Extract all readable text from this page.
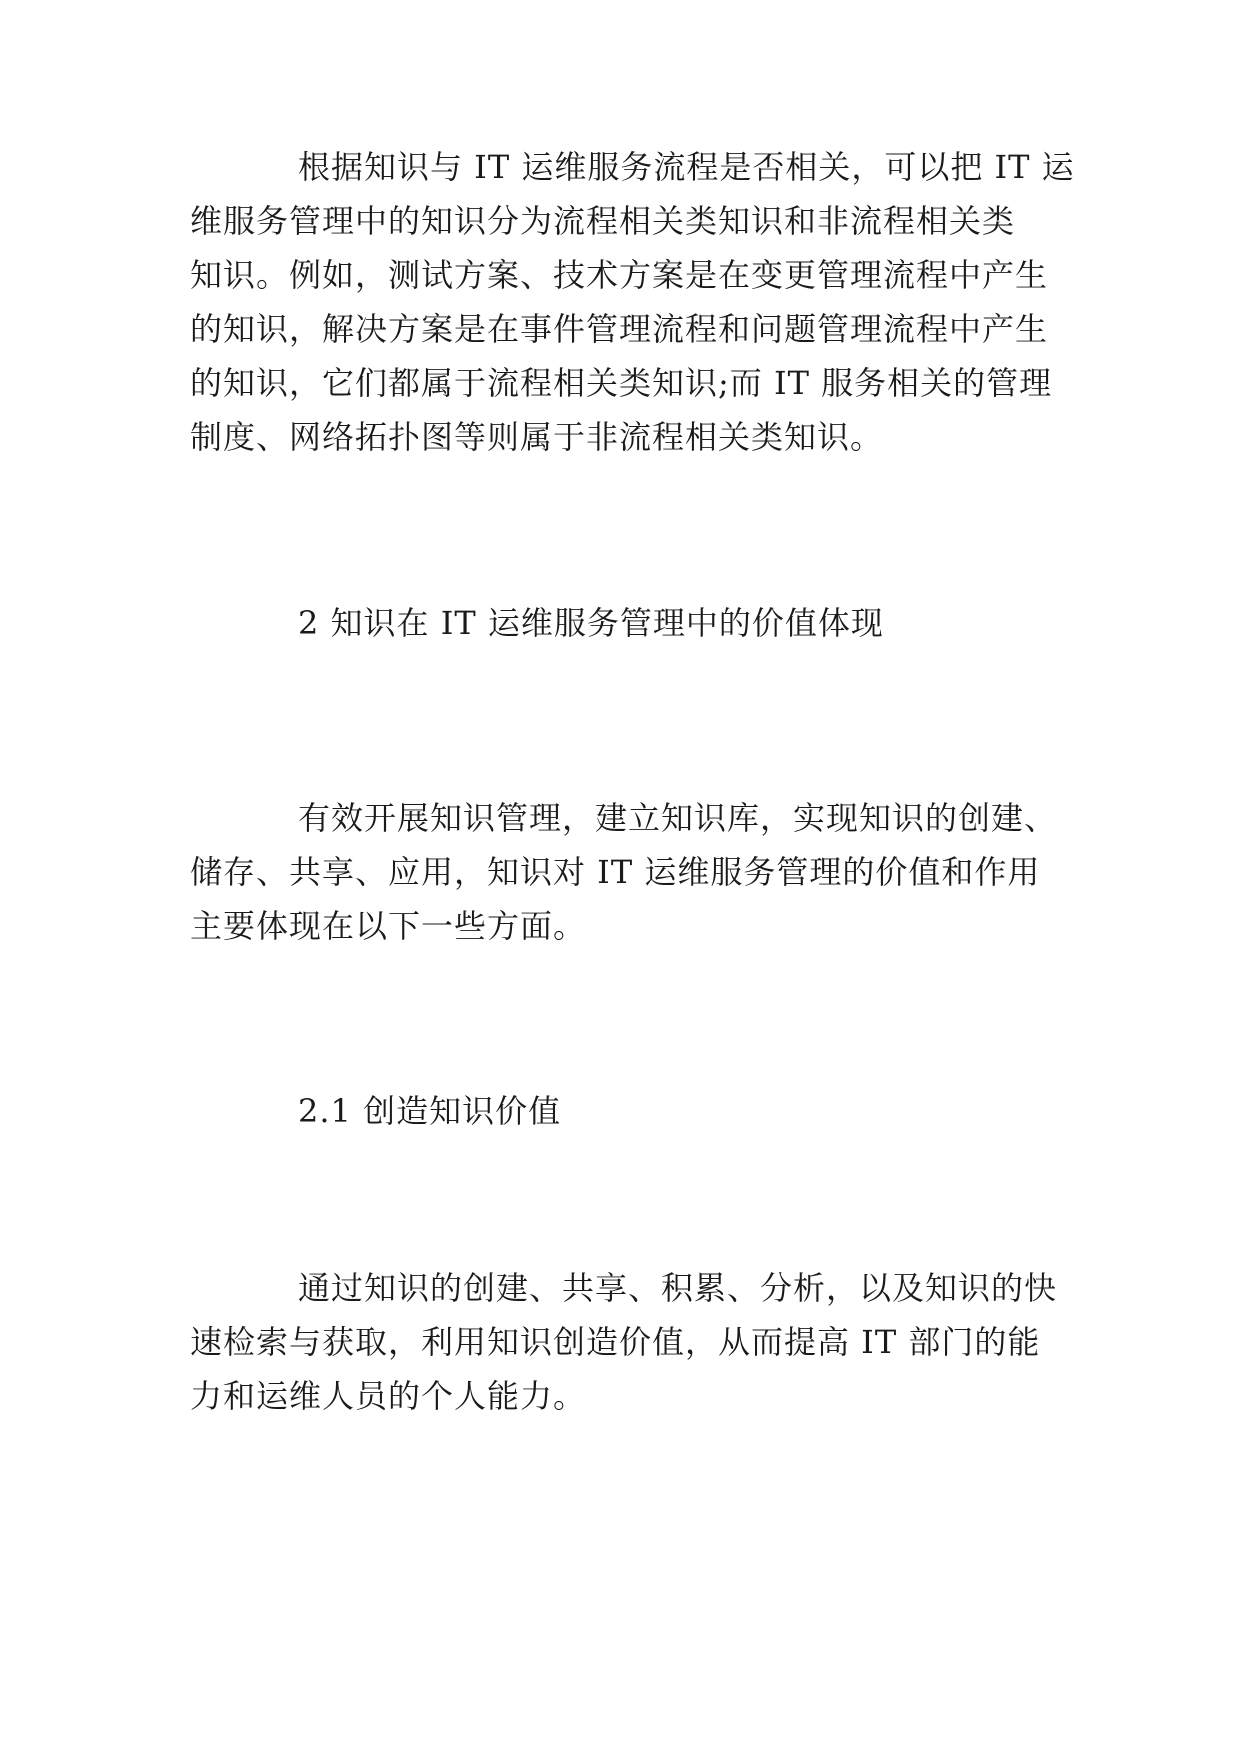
根据知识与 IT 运维服务流程是否相关，可以把 IT 运
维服务管理中的知识分为流程相关类知识和非流程相关类
知识。例如，测试方案、技术方案是在变更管理流程中产生
的知识，解决方案是在事件管理流程和问题管理流程中产生
的知识，它们都属于流程相关类知识;而 IT 服务相关的管理
制度、网络拓扑图等则属于非流程相关类知识。
2 知识在 IT 运维服务管理中的价值体现
有效开展知识管理，建立知识库，实现知识的创建、
储存、共享、应用，知识对 IT 运维服务管理的价值和作用
主要体现在以下一些方面。
2.1 创造知识价值
通过知识的创建、共享、积累、分析，以及知识的快
速检索与获取，利用知识创造价值，从而提高 IT 部门的能
力和运维人员的个人能力。
